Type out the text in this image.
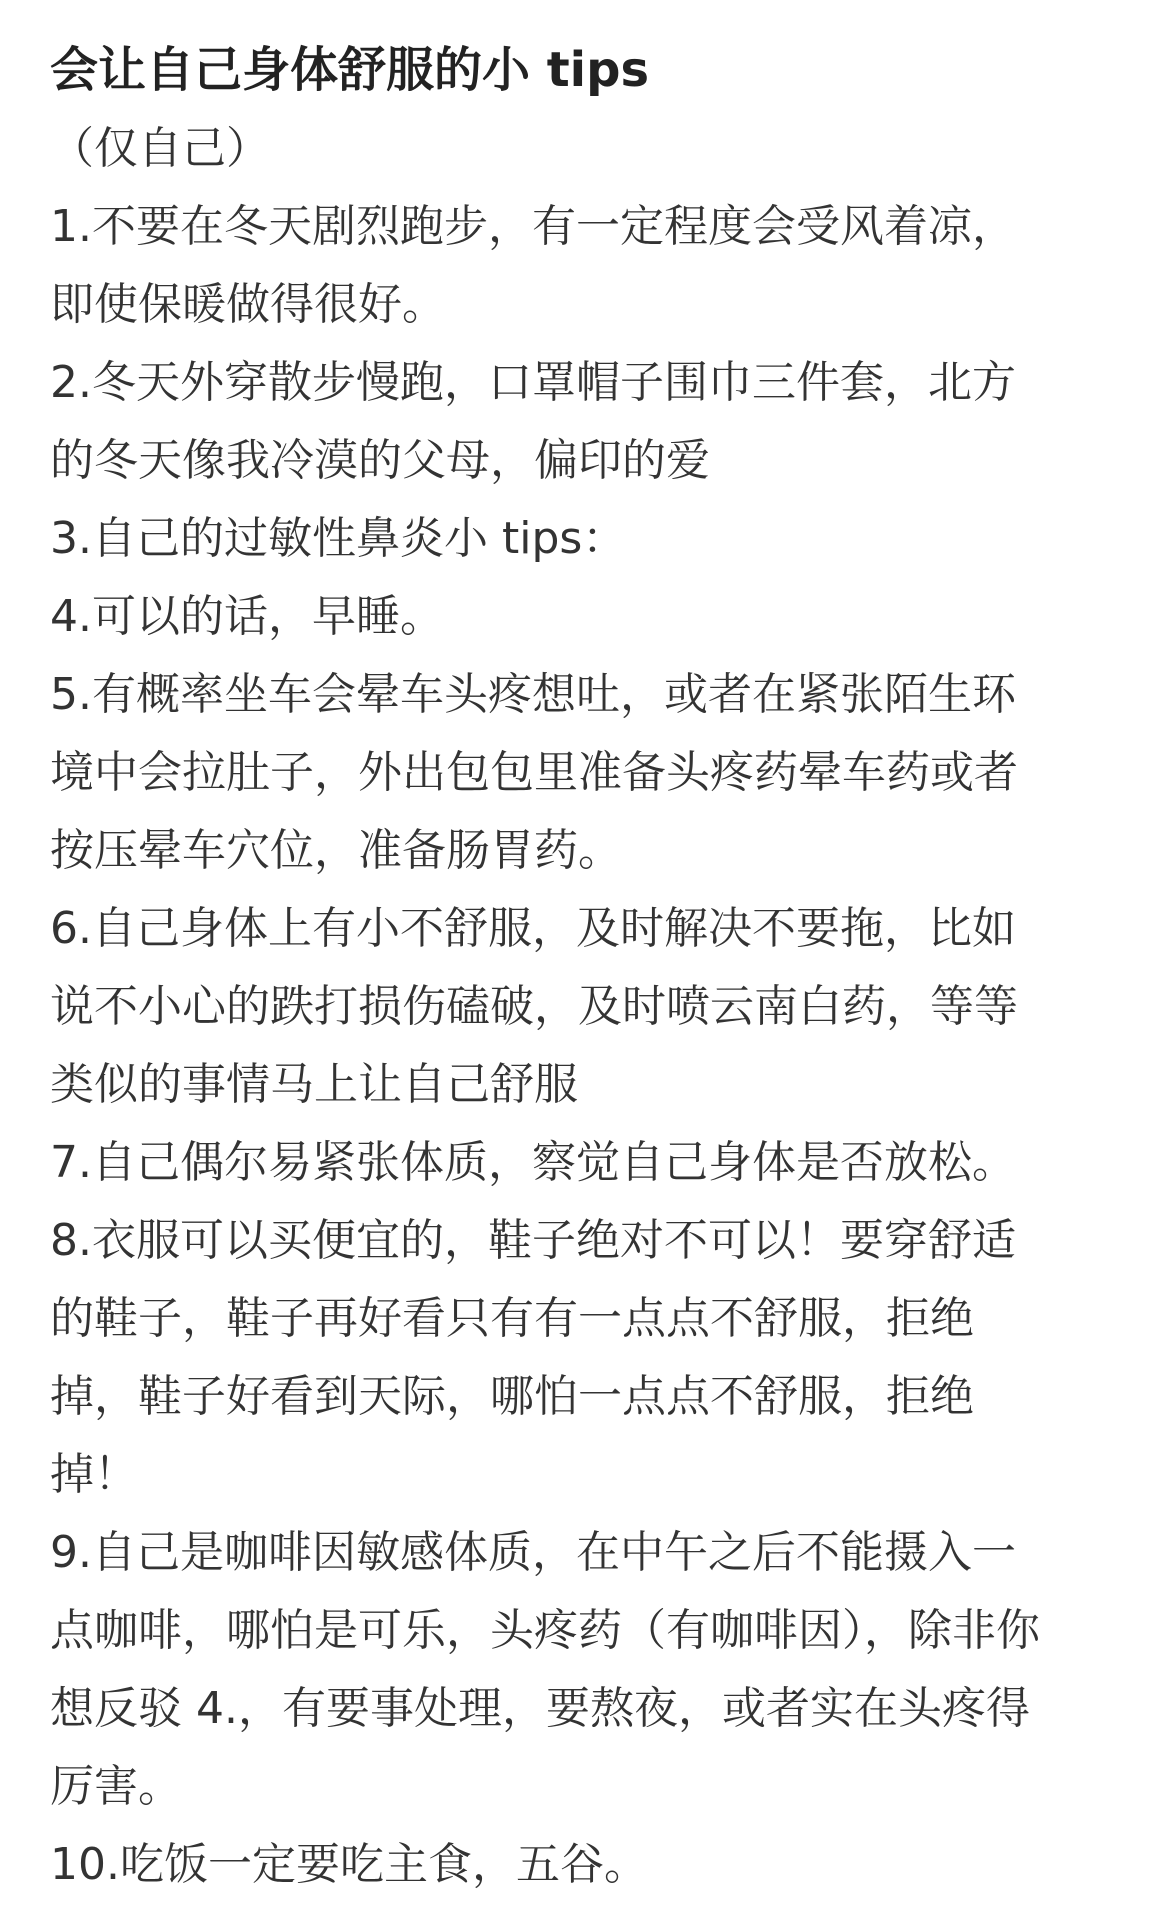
会让自己身体舒服的小 tips

（仅自己）

1.不要在冬天剧烈跑步，有一定程度会受风着凉，
即使保暖做得很好。

2.冬天外穿散步慢跑，口罩帽子围巾三件套，北方
的冬天像我冷漠的父母，偏印的爱

3.自己的过敏性鼻炎小 tips：

4.可以的话，早睡。

5.有概率坐车会晕车头疼想吐，或者在紧张陌生环
境中会拉肚子，外出包包里准备头疼药晕车药或者
按压晕车穴位，准备肠胃药。

6.自己身体上有小不舒服，及时解决不要拖，比如
说不小心的跌打损伤磕破，及时喷云南白药，等等
类似的事情马上让自己舒服

7.自己偶尔易紧张体质，察觉自己身体是否放松。

8.衣服可以买便宜的，鞋子绝对不可以！要穿舒适
的鞋子，鞋子再好看只有有一点点不舒服，拒绝
掉，鞋子好看到天际，哪怕一点点不舒服，拒绝
掉！

9.自己是咖啡因敏感体质，在中午之后不能摄入一
点咖啡，哪怕是可乐，头疼药（有咖啡因），除非你
想反驳 4.，有要事处理，要熬夜，或者实在头疼得
厉害。

10.吃饭一定要吃主食，五谷。
